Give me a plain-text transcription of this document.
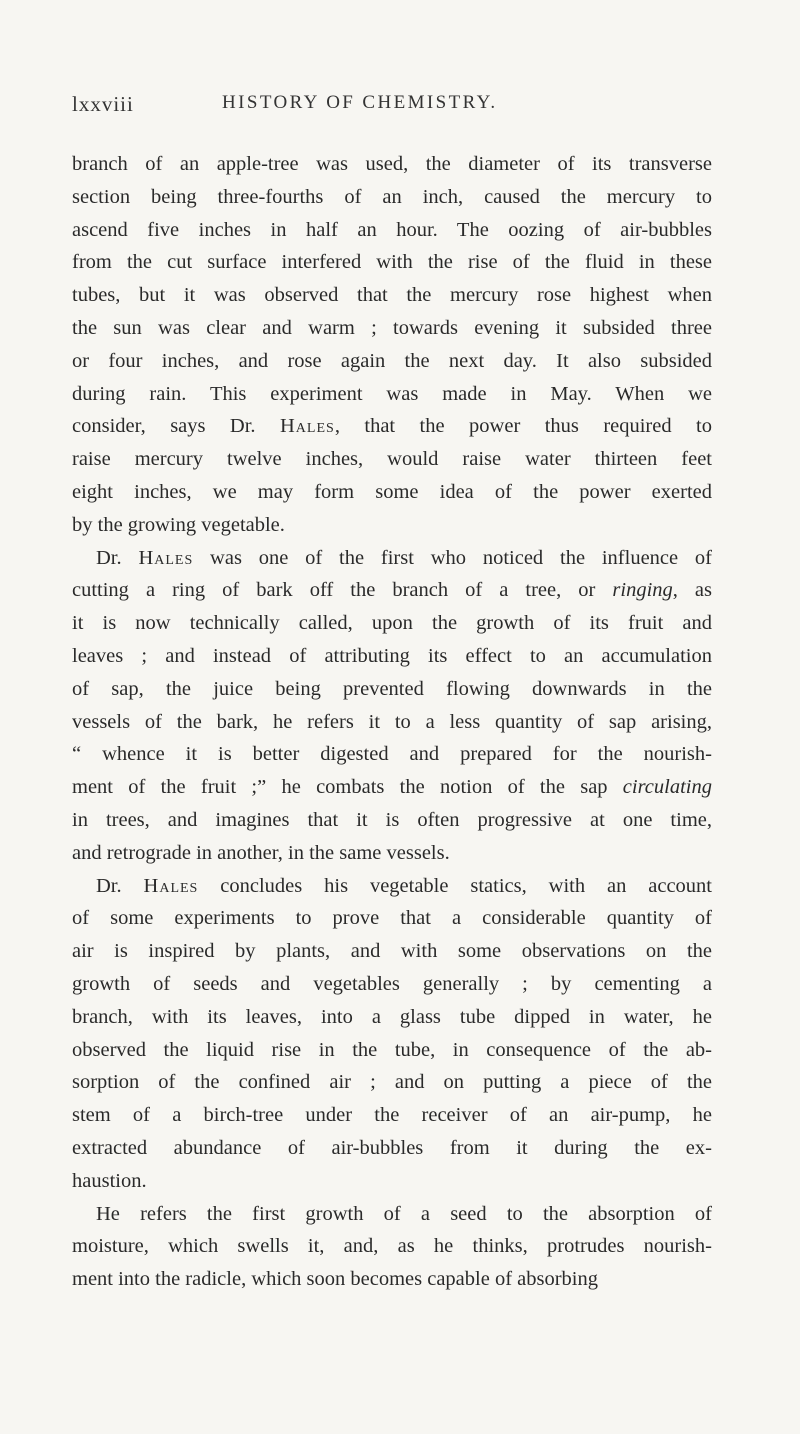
lxxviii	HISTORY OF CHEMISTRY.

branch of an apple-tree was used, the diameter of its transverse
section being three-fourths of an inch, caused the mercury to
ascend five inches in half an hour. The oozing of air-bubbles
from the cut surface interfered with the rise of the fluid in these
tubes, but it was observed that the mercury rose highest when
the sun was clear and warm ; towards evening it subsided three
or four inches, and rose again the next day. It also subsided
during rain. This experiment was made in May. When we
consider, says Dr. Hales, that the power thus required to
raise mercury twelve inches, would raise water thirteen feet
eight inches, we may form some idea of the power exerted
by the growing vegetable.

Dr. Hales was one of the first who noticed the influence of
cutting a ring of bark off the branch of a tree, or ringing, as
it is now technically called, upon the growth of its fruit and
leaves ; and instead of attributing its effect to an accumulation
of sap, the juice being prevented flowing downwards in the
vessels of the bark, he refers it to a less quantity of sap arising,
“ whence it is better digested and prepared for the nourish-
ment of the fruit ;” he combats the notion of the sap circulating
in trees, and imagines that it is often progressive at one time,
and retrograde in another, in the same vessels.

Dr. Hales concludes his vegetable statics, with an account
of some experiments to prove that a considerable quantity of
air is inspired by plants, and with some observations on the
growth of seeds and vegetables generally ; by cementing a
branch, with its leaves, into a glass tube dipped in water, he
observed the liquid rise in the tube, in consequence of the ab-
sorption of the confined air ; and on putting a piece of the
stem of a birch-tree under the receiver of an air-pump, he
extracted abundance of air-bubbles from it during the ex-
haustion.

He refers the first growth of a seed to the absorption of
moisture, which swells it, and, as he thinks, protrudes nourish-
ment into the radicle, which soon becomes capable of absorbing
